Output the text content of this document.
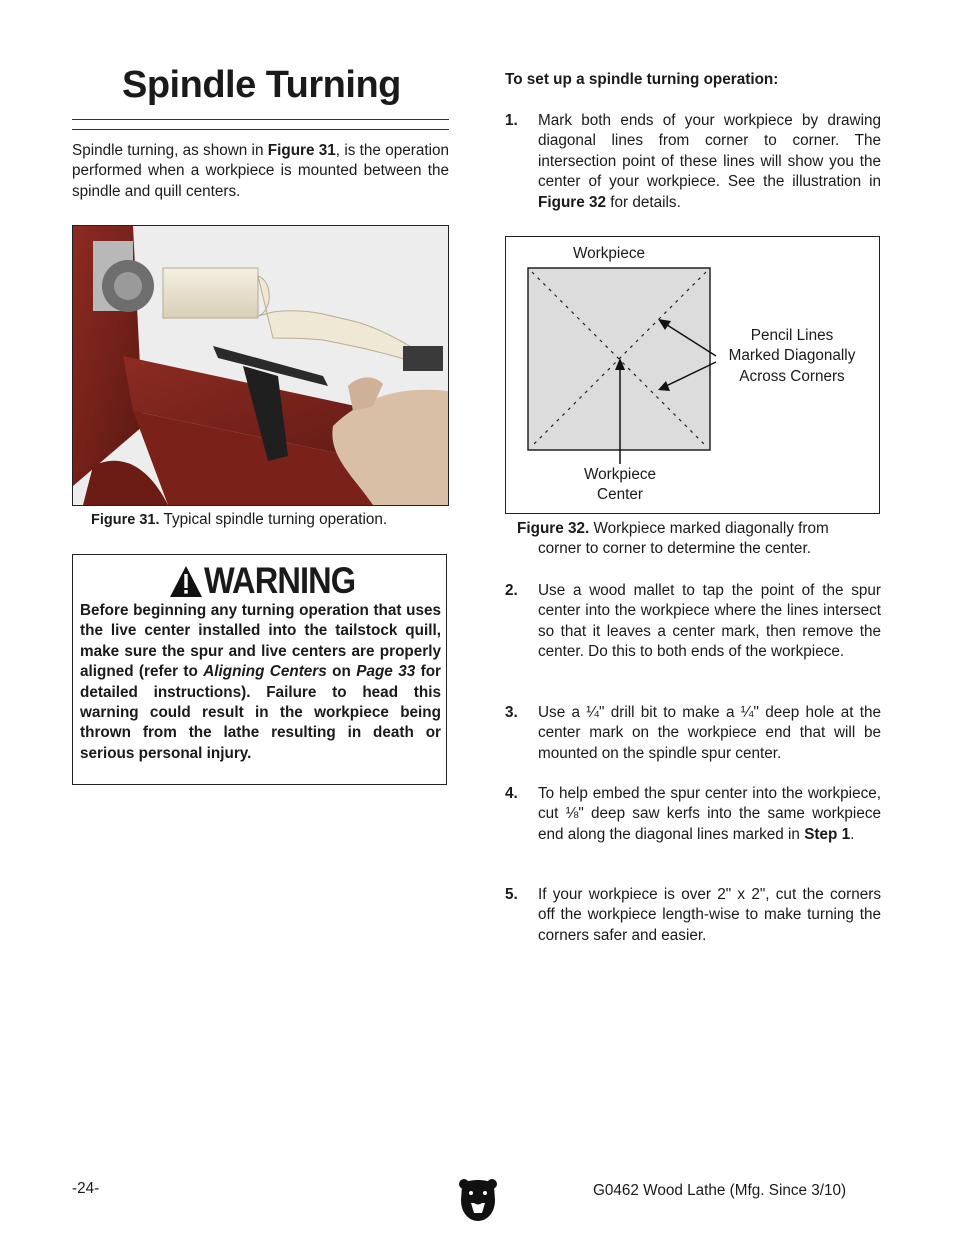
Spindle Turning
Spindle turning, as shown in Figure 31, is the operation performed when a workpiece is mounted between the spindle and quill centers.
Figure 31. Typical spindle turning operation.
WARNING
Before beginning any turning operation that uses the live center installed into the tailstock quill, make sure the spur and live centers are properly aligned (refer to Aligning Centers on Page 33 for detailed instructions). Failure to head this warning could result in the workpiece being thrown from the lathe resulting in death or serious personal injury.
To set up a spindle turning operation:
1. Mark both ends of your workpiece by drawing diagonal lines from corner to corner. The intersection point of these lines will show you the center of your workpiece. See the illustration in Figure 32 for details.
Workpiece
Pencil Lines
Marked Diagonally
Across Corners
Workpiece
Center
Figure 32. Workpiece marked diagonally from
corner to corner to determine the center.
2. Use a wood mallet to tap the point of the spur center into the workpiece where the lines intersect so that it leaves a center mark, then remove the center. Do this to both ends of the workpiece.
3. Use a ¼" drill bit to make a ¼" deep hole at the center mark on the workpiece end that will be mounted on the spindle spur center.
4. To help embed the spur center into the workpiece, cut ⅛" deep saw kerfs into the same workpiece end along the diagonal lines marked in Step 1.
5. If your workpiece is over 2" x 2", cut the corners off the workpiece length-wise to make turning the corners safer and easier.
-24-	G0462 Wood Lathe (Mfg. Since 3/10)
